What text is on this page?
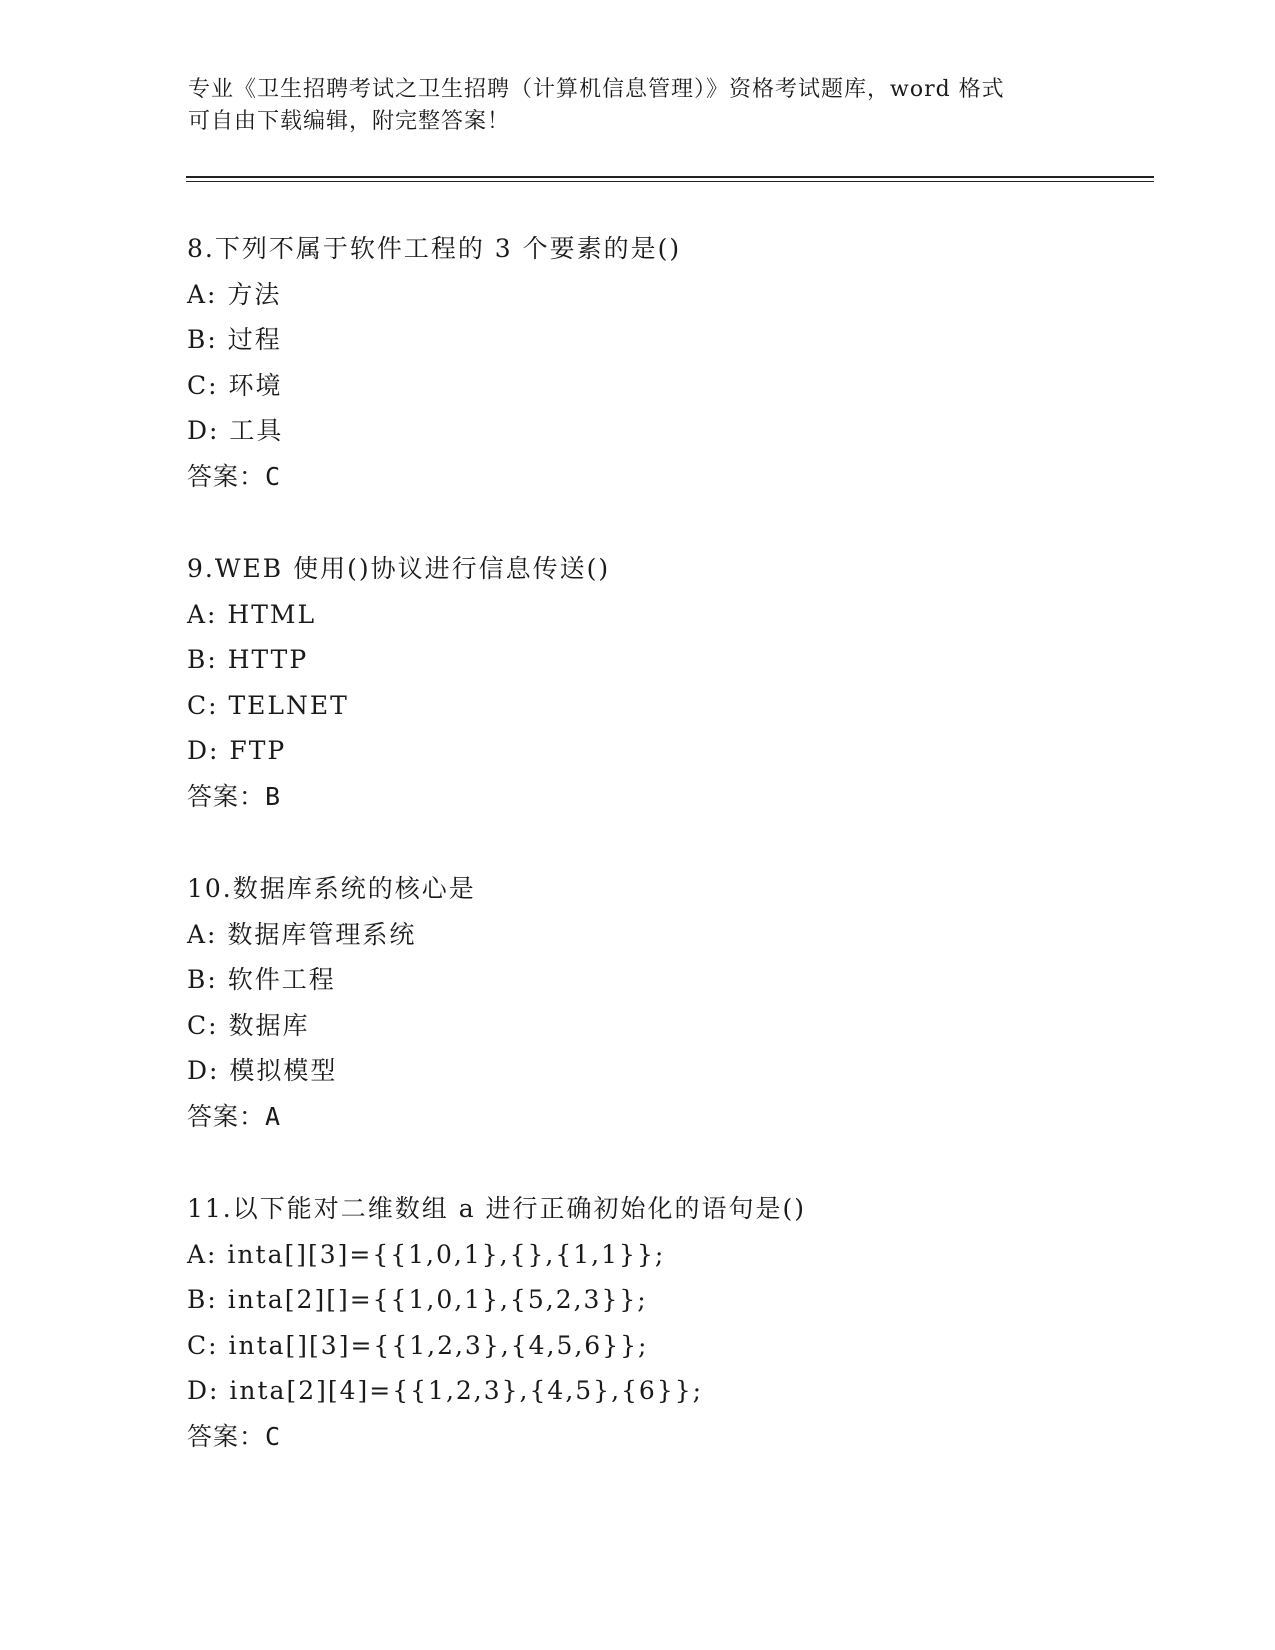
专业《卫生招聘考试之卫生招聘（计算机信息管理）》资格考试题库，word 格式
可自由下载编辑，附完整答案！
8.下列不属于软件工程的 3 个要素的是()
A: 方法
B: 过程
C: 环境
D: 工具
答案：C
9.WEB 使用()协议进行信息传送()
A: HTML
B: HTTP
C: TELNET
D: FTP
答案：B
10.数据库系统的核心是
A: 数据库管理系统
B: 软件工程
C: 数据库
D: 模拟模型
答案：A
11.以下能对二维数组 a 进行正确初始化的语句是()
A: inta[][3]={{1,0,1},{},{1,1}};
B: inta[2][]={{1,0,1},{5,2,3}};
C: inta[][3]={{1,2,3},{4,5,6}};
D: inta[2][4]={{1,2,3},{4,5},{6}};
答案：C
